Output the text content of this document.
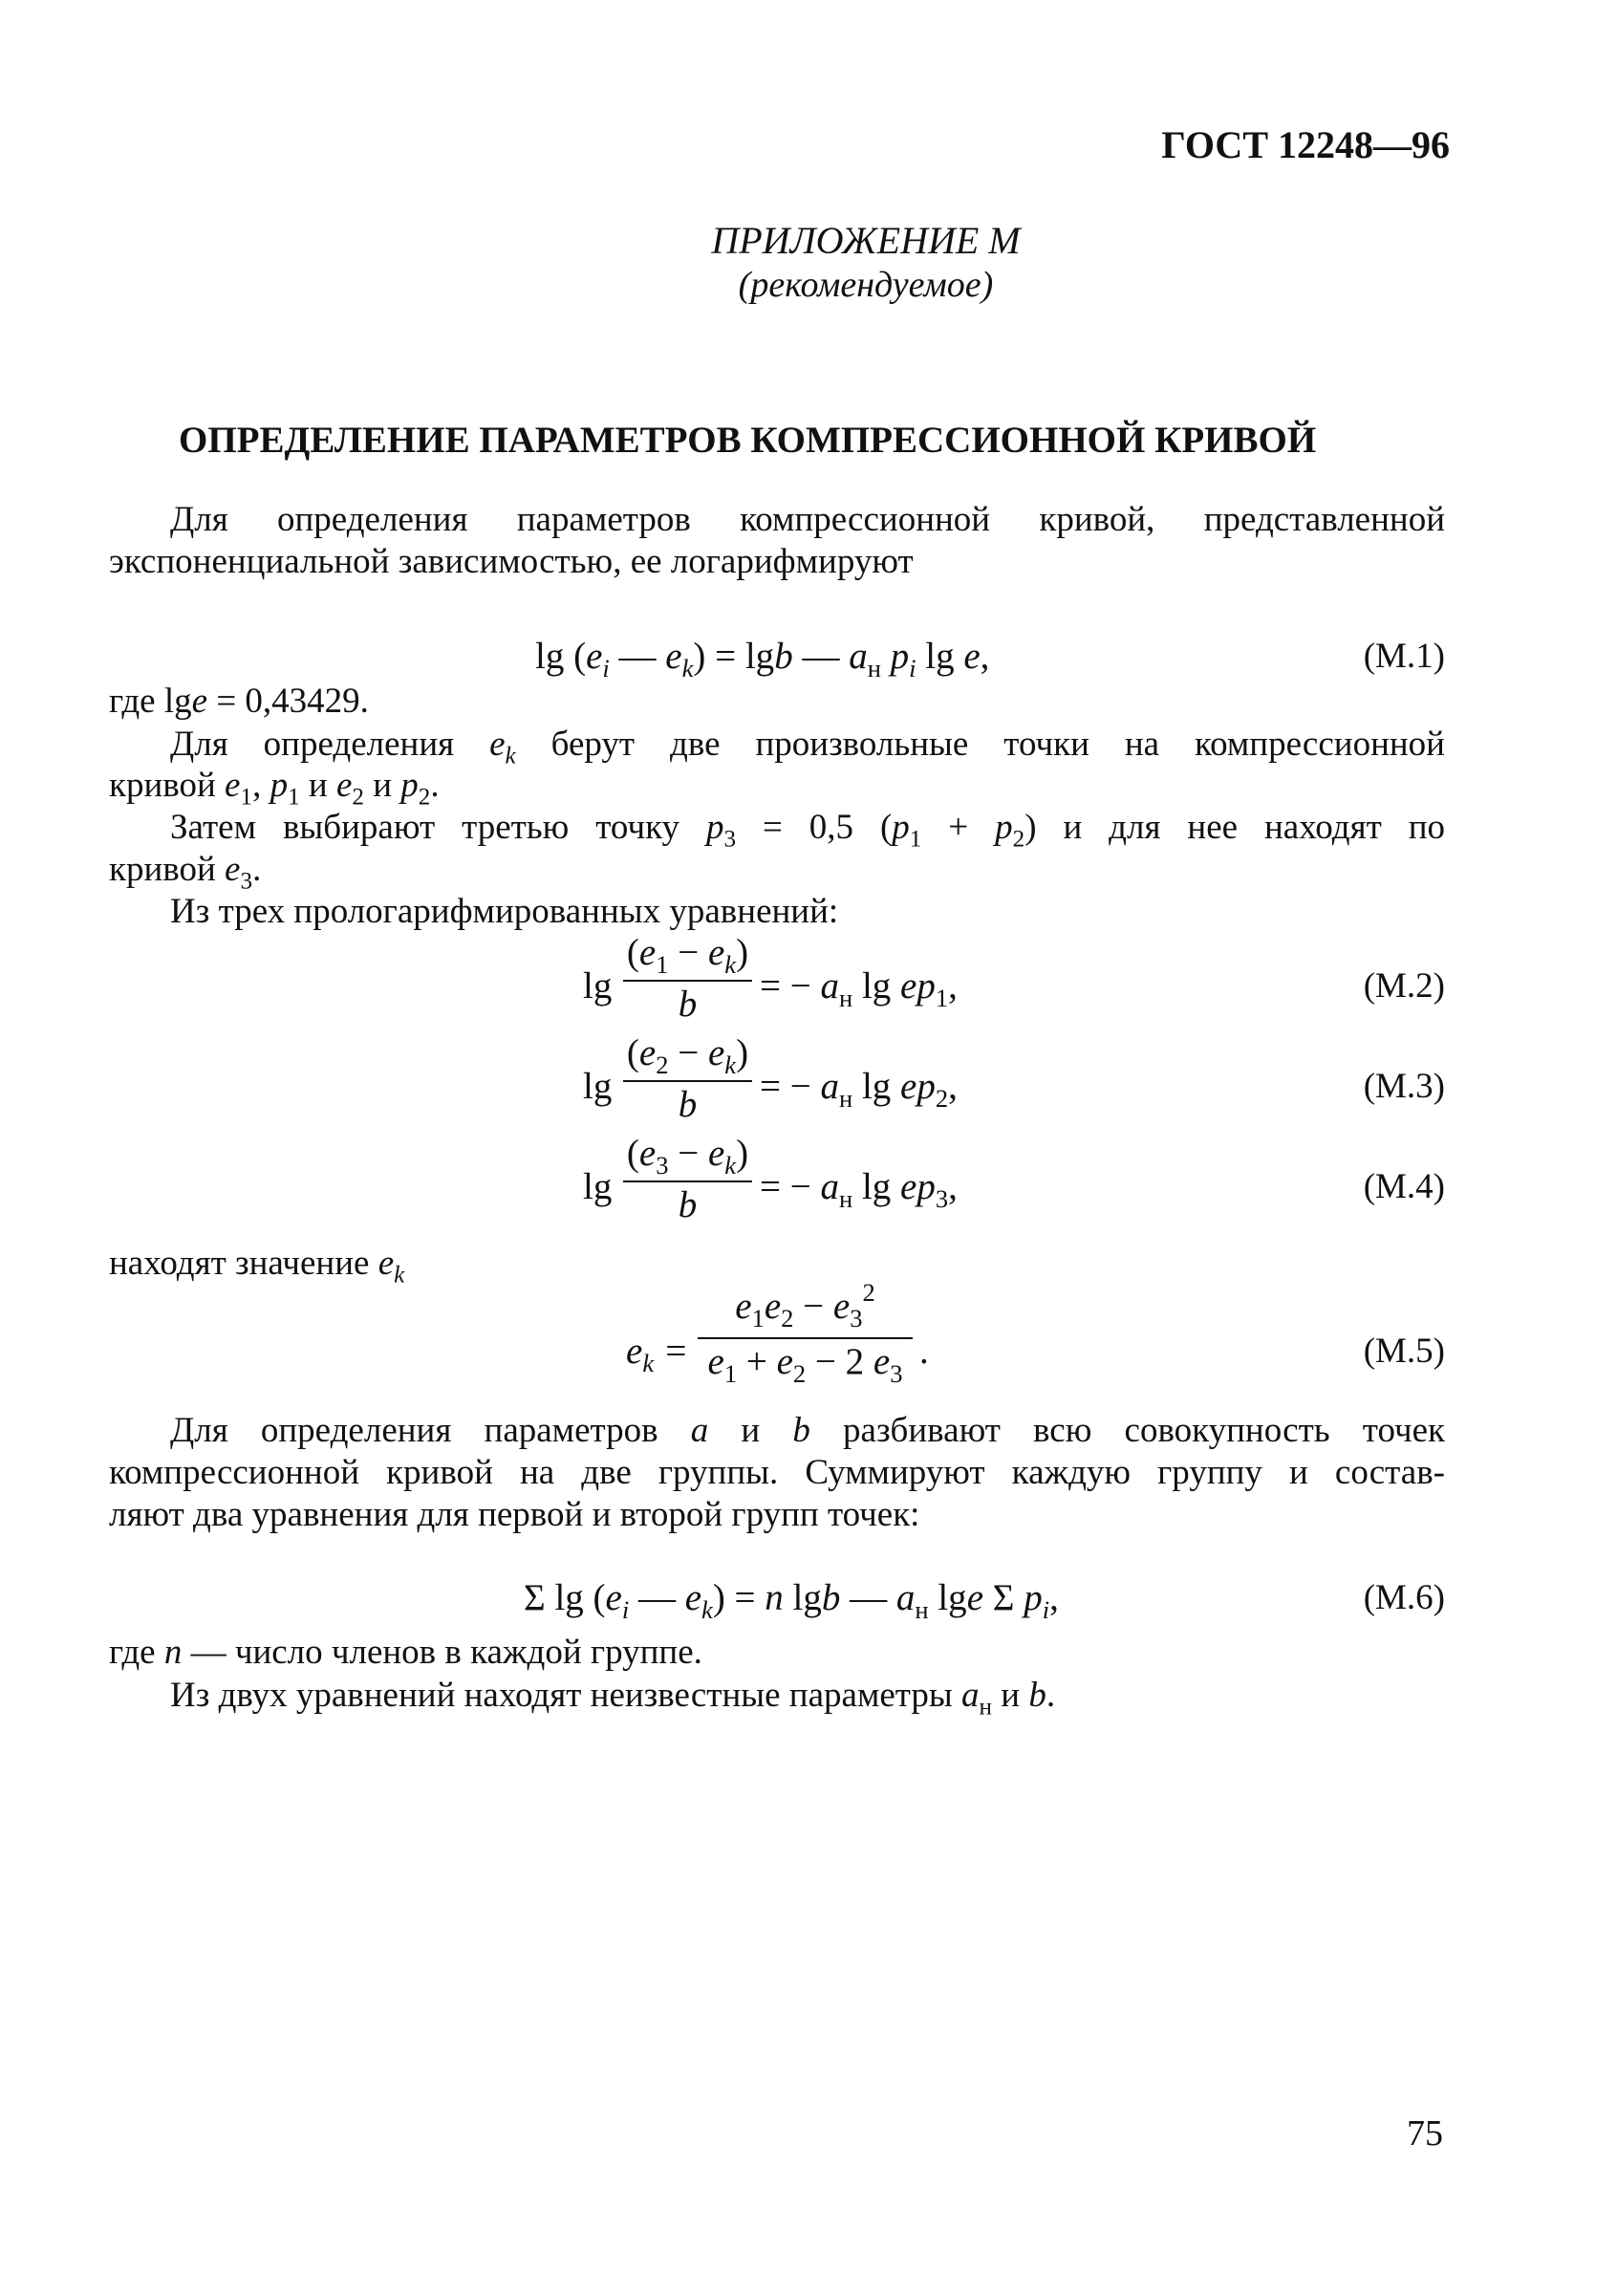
ГОСТ 12248—96
ПРИЛОЖЕНИЕ М
(рекомендуемое)
ОПРЕДЕЛЕНИЕ ПАРАМЕТРОВ КОМПРЕССИОННОЙ КРИВОЙ
Для определения параметров компрессионной кривой, представленной
экспоненциальной зависимостью, ее логарифмируют
$\lg (e_i$ — $e_k) = \lg b$ — $a_н$ $p_i$ lg e,	(М.1)
где lge = 0,43429.
Для определения $e_k$ берут две произвольные точки на компрессионной
кривой $e_1$, $p_1$ и $e_2$ и $p_2$.
Затем выбирают третью точку $p_3 = 0,5$ $(p_1 + p_2)$ и для нее находят по
кривой $e_3$.
Из трех прологарифмированных уравнений:
lg
$(e_1 - e_k)$
b	= − $a_н$ $\lg ep_1$,	(М.2)
lg
$(e_2 - e_k)$
b	= − $a_н$ $\lg ep_2$,	(М.3)
lg
$(e_3 - e_k)$
b	= − $a_н$ $\lg ep_3$,	(М.4)
находят значение $e_k$
$e_k$ =
$e_1e_2 - e_3^2$
$e_1 + e_2 - 2$ $e_3$
.	(М.5)
Для определения параметров a и b разбивают всю совокупность точек
компрессионной кривой на две группы. Суммируют каждую группу и состав-
ляют два уравнения для первой и второй групп точек:
Σ $\lg (e_i$ — $e_k) = n$ lgb — $a_н$ lge Σ $p_i$,	(М.6)
где n — число членов в каждой группе.
Из двух уравнений находят неизвестные параметры $a_н$ и b.
75
